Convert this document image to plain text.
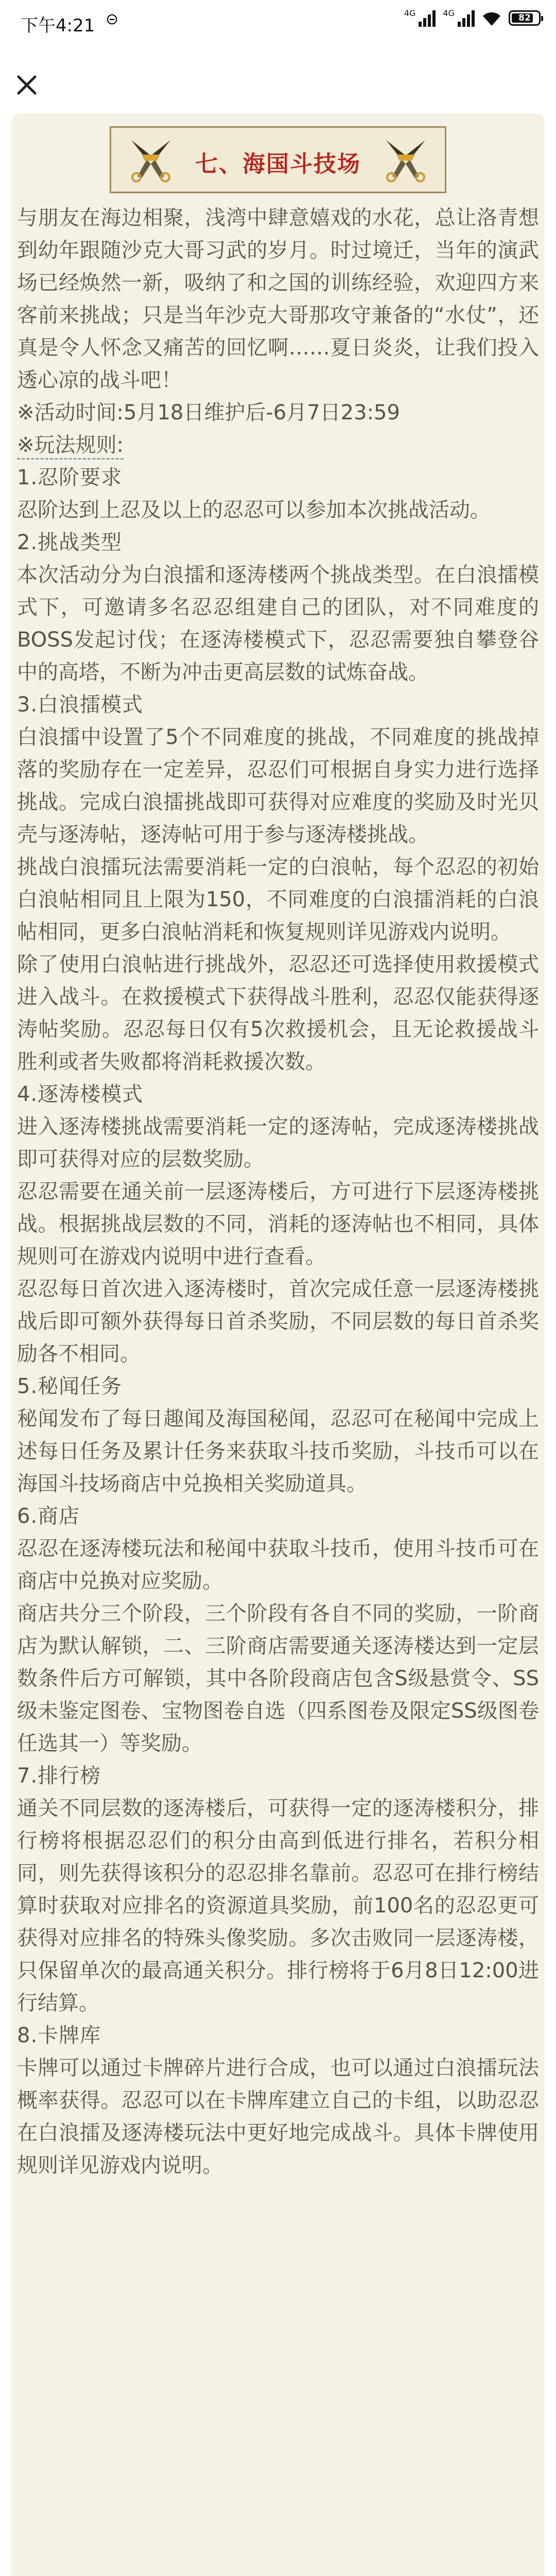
下午4:21 ⊝	4G	4G	82
七、海国斗技场

与朋友在海边相聚，浅湾中肆意嬉戏的水花，总让洛青想到幼年跟随沙克大哥习武的岁月。时过境迁，当年的演武场已经焕然一新，吸纳了和之国的训练经验，欢迎四方来客前来挑战；只是当年沙克大哥那攻守兼备的“水仗”，还真是令人怀念又痛苦的回忆啊……夏日炎炎，让我们投入透心凉的战斗吧！

※活动时间:5月18日维护后-6月7日23:59

※玩法规则:

1.忍阶要求

忍阶达到上忍及以上的忍忍可以参加本次挑战活动。

2.挑战类型

本次活动分为白浪擂和逐涛楼两个挑战类型。在白浪擂模式下，可邀请多名忍忍组建自己的团队，对不同难度的BOSS发起讨伐；在逐涛楼模式下，忍忍需要独自攀登谷中的高塔，不断为冲击更高层数的试炼奋战。

3.白浪擂模式

白浪擂中设置了5个不同难度的挑战，不同难度的挑战掉落的奖励存在一定差异，忍忍们可根据自身实力进行选择挑战。完成白浪擂挑战即可获得对应难度的奖励及时光贝壳与逐涛帖，逐涛帖可用于参与逐涛楼挑战。

挑战白浪擂玩法需要消耗一定的白浪帖，每个忍忍的初始白浪帖相同且上限为150，不同难度的白浪擂消耗的白浪帖相同，更多白浪帖消耗和恢复规则详见游戏内说明。

除了使用白浪帖进行挑战外，忍忍还可选择使用救援模式进入战斗。在救援模式下获得战斗胜利，忍忍仅能获得逐涛帖奖励。忍忍每日仅有5次救援机会，且无论救援战斗胜利或者失败都将消耗救援次数。

4.逐涛楼模式

进入逐涛楼挑战需要消耗一定的逐涛帖，完成逐涛楼挑战即可获得对应的层数奖励。

忍忍需要在通关前一层逐涛楼后，方可进行下层逐涛楼挑战。根据挑战层数的不同，消耗的逐涛帖也不相同，具体规则可在游戏内说明中进行查看。

忍忍每日首次进入逐涛楼时，首次完成任意一层逐涛楼挑战后即可额外获得每日首杀奖励，不同层数的每日首杀奖励各不相同。

5.秘闻任务

秘闻发布了每日趣闻及海国秘闻，忍忍可在秘闻中完成上述每日任务及累计任务来获取斗技币奖励，斗技币可以在海国斗技场商店中兑换相关奖励道具。

6.商店

忍忍在逐涛楼玩法和秘闻中获取斗技币，使用斗技币可在商店中兑换对应奖励。

商店共分三个阶段，三个阶段有各自不同的奖励，一阶商店为默认解锁，二、三阶商店需要通关逐涛楼达到一定层数条件后方可解锁，其中各阶段商店包含S级悬赏令、SS级未鉴定图卷、宝物图卷自选（四系图卷及限定SS级图卷任选其一）等奖励。

7.排行榜

通关不同层数的逐涛楼后，可获得一定的逐涛楼积分，排行榜将根据忍忍们的积分由高到低进行排名，若积分相同，则先获得该积分的忍忍排名靠前。忍忍可在排行榜结算时获取对应排名的资源道具奖励，前100名的忍忍更可获得对应排名的特殊头像奖励。多次击败同一层逐涛楼，只保留单次的最高通关积分。排行榜将于6月8日12:00进行结算。

8.卡牌库

卡牌可以通过卡牌碎片进行合成，也可以通过白浪擂玩法概率获得。忍忍可以在卡牌库建立自己的卡组，以助忍忍在白浪擂及逐涛楼玩法中更好地完成战斗。具体卡牌使用规则详见游戏内说明。
